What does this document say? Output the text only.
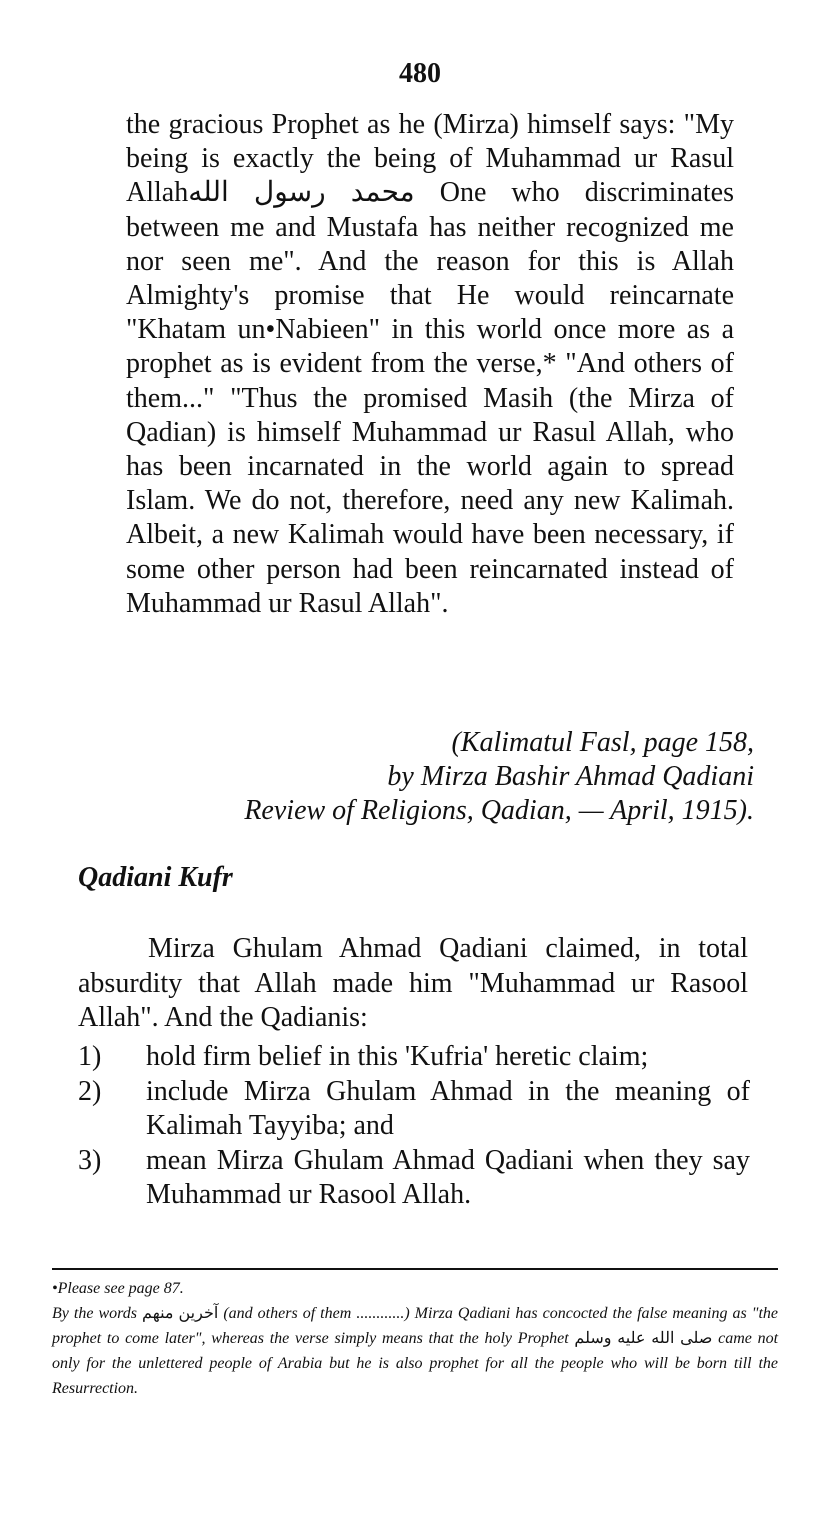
480

the gracious Prophet as he (Mirza) himself says: "My being is exactly the being of Muhammad ur Rasul Allahمحمد رسول الله One who discriminates between me and Mustafa has neither recognized me nor seen me". And the reason for this is Allah Almighty's promise that He would reincarnate "Khatam un•Nabieen" in this world once more as a prophet as is evident from the verse,* "And others of them..." "Thus the promised Masih (the Mirza of Qadian) is himself Muhammad ur Rasul Allah, who has been incarnated in the world again to spread Islam. We do not, therefore, need any new Kalimah. Albeit, a new Kalimah would have been necessary, if some other person had been reincarnated instead of Muhammad ur Rasul Allah".

(Kalimatul Fasl, page 158,
by Mirza Bashir Ahmad Qadiani
Review of Religions, Qadian, — April, 1915).
Qadiani Kufr

Mirza Ghulam Ahmad Qadiani claimed, in total absurdity that Allah made him "Muhammad ur Rasool Allah". And the Qadianis:

1)	hold firm belief in this 'Kufria' heretic claim;
2)	include Mirza Ghulam Ahmad in the meaning of Kalimah Tayyiba; and
3)	mean Mirza Ghulam Ahmad Qadiani when they say Muhammad ur Rasool Allah.

•Please see page 87.

By the words آخرين منهم (and others of them ............) Mirza Qadiani has concocted the false meaning as "the prophet to come later", whereas the verse simply means that the holy Prophet صلى الله عليه وسلم came not only for the unlettered people of Arabia but he is also prophet for all the people who will be born till the Resurrection.
